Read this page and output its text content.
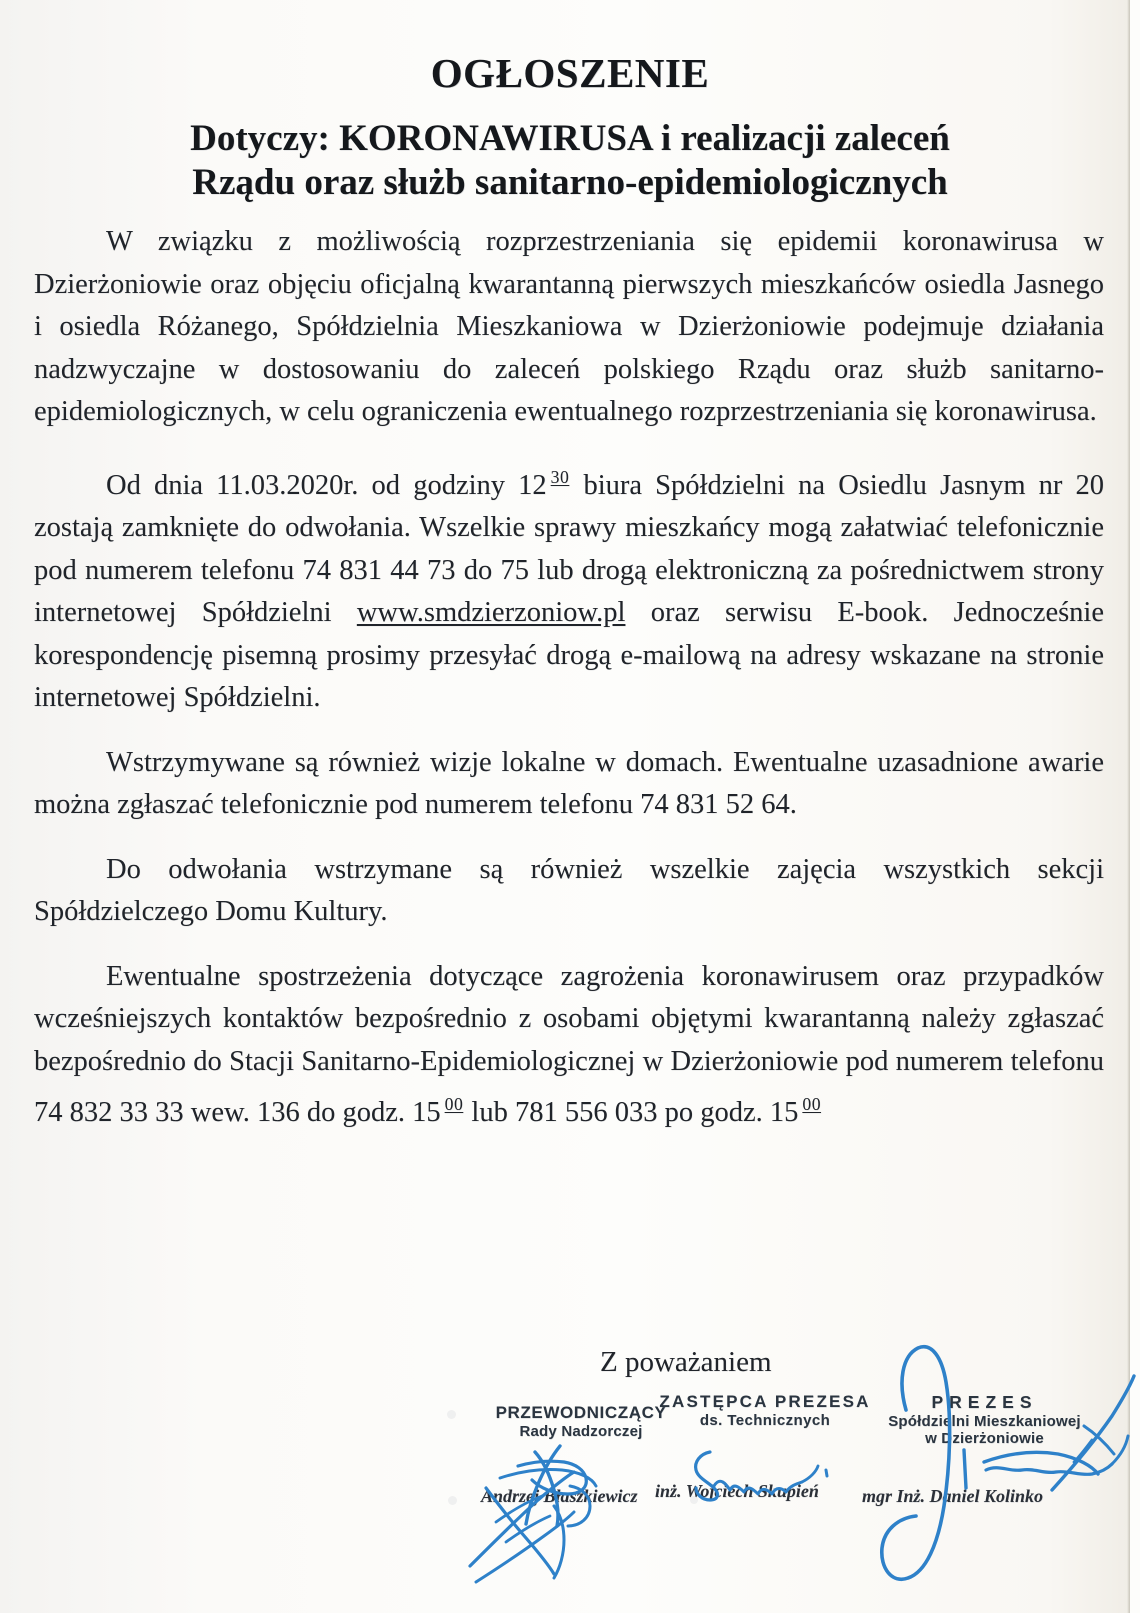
OGŁOSZENIE
Dotyczy: KORONAWIRUSA i realizacji zaleceń
Rządu oraz służb sanitarno-epidemiologicznych

W związku z możliwością rozprzestrzeniania się epidemii koronawirusa w Dzierżoniowie oraz objęciu oficjalną kwarantanną pierwszych mieszkańców osiedla Jasnego i osiedla Różanego, Spółdzielnia Mieszkaniowa w Dzierżoniowie podejmuje działania nadzwyczajne w dostosowaniu do zaleceń polskiego Rządu oraz służb sanitarno-epidemiologicznych, w celu ograniczenia ewentualnego rozprzestrzeniania się koronawirusa.

Od dnia 11.03.2020r. od godziny 12 $^{30}$ biura Spółdzielni na Osiedlu Jasnym nr 20 zostają zamknięte do odwołania. Wszelkie sprawy mieszkańcy mogą załatwiać telefonicznie pod numerem telefonu 74 831 44 73 do 75 lub drogą elektroniczną za pośrednictwem strony internetowej Spółdzielni www.smdzierzoniow.pl oraz serwisu E-book. Jednocześnie korespondencję pisemną prosimy przesyłać drogą e-mailową na adresy wskazane na stronie internetowej Spółdzielni.

Wstrzymywane są również wizje lokalne w domach. Ewentualne uzasadnione awarie można zgłaszać telefonicznie pod numerem telefonu 74 831 52 64.

Do odwołania wstrzymane są również wszelkie zajęcia wszystkich sekcji Spółdzielczego Domu Kultury.

Ewentualne spostrzeżenia dotyczące zagrożenia koronawirusem oraz przypadków wcześniejszych kontaktów bezpośrednio z osobami objętymi kwarantanną należy zgłaszać bezpośrednio do Stacji Sanitarno-Epidemiologicznej w Dzierżoniowie pod numerem telefonu 74 832 33 33 wew. 136 do godz. 15 $^{00}$ lub 781 556 033 po godz. 15 $^{00}$

Z poważaniem
PRZEWODNICZĄCY
Rady Nadzorczej
ZASTĘPCA PREZESA
ds. Technicznych
PREZES
Spółdzielni Mieszkaniowej
w Dzierżoniowie
Andrzej Błaszkiewicz inż. Wojciech Skupień mgr Inż. Daniel Kolinko
